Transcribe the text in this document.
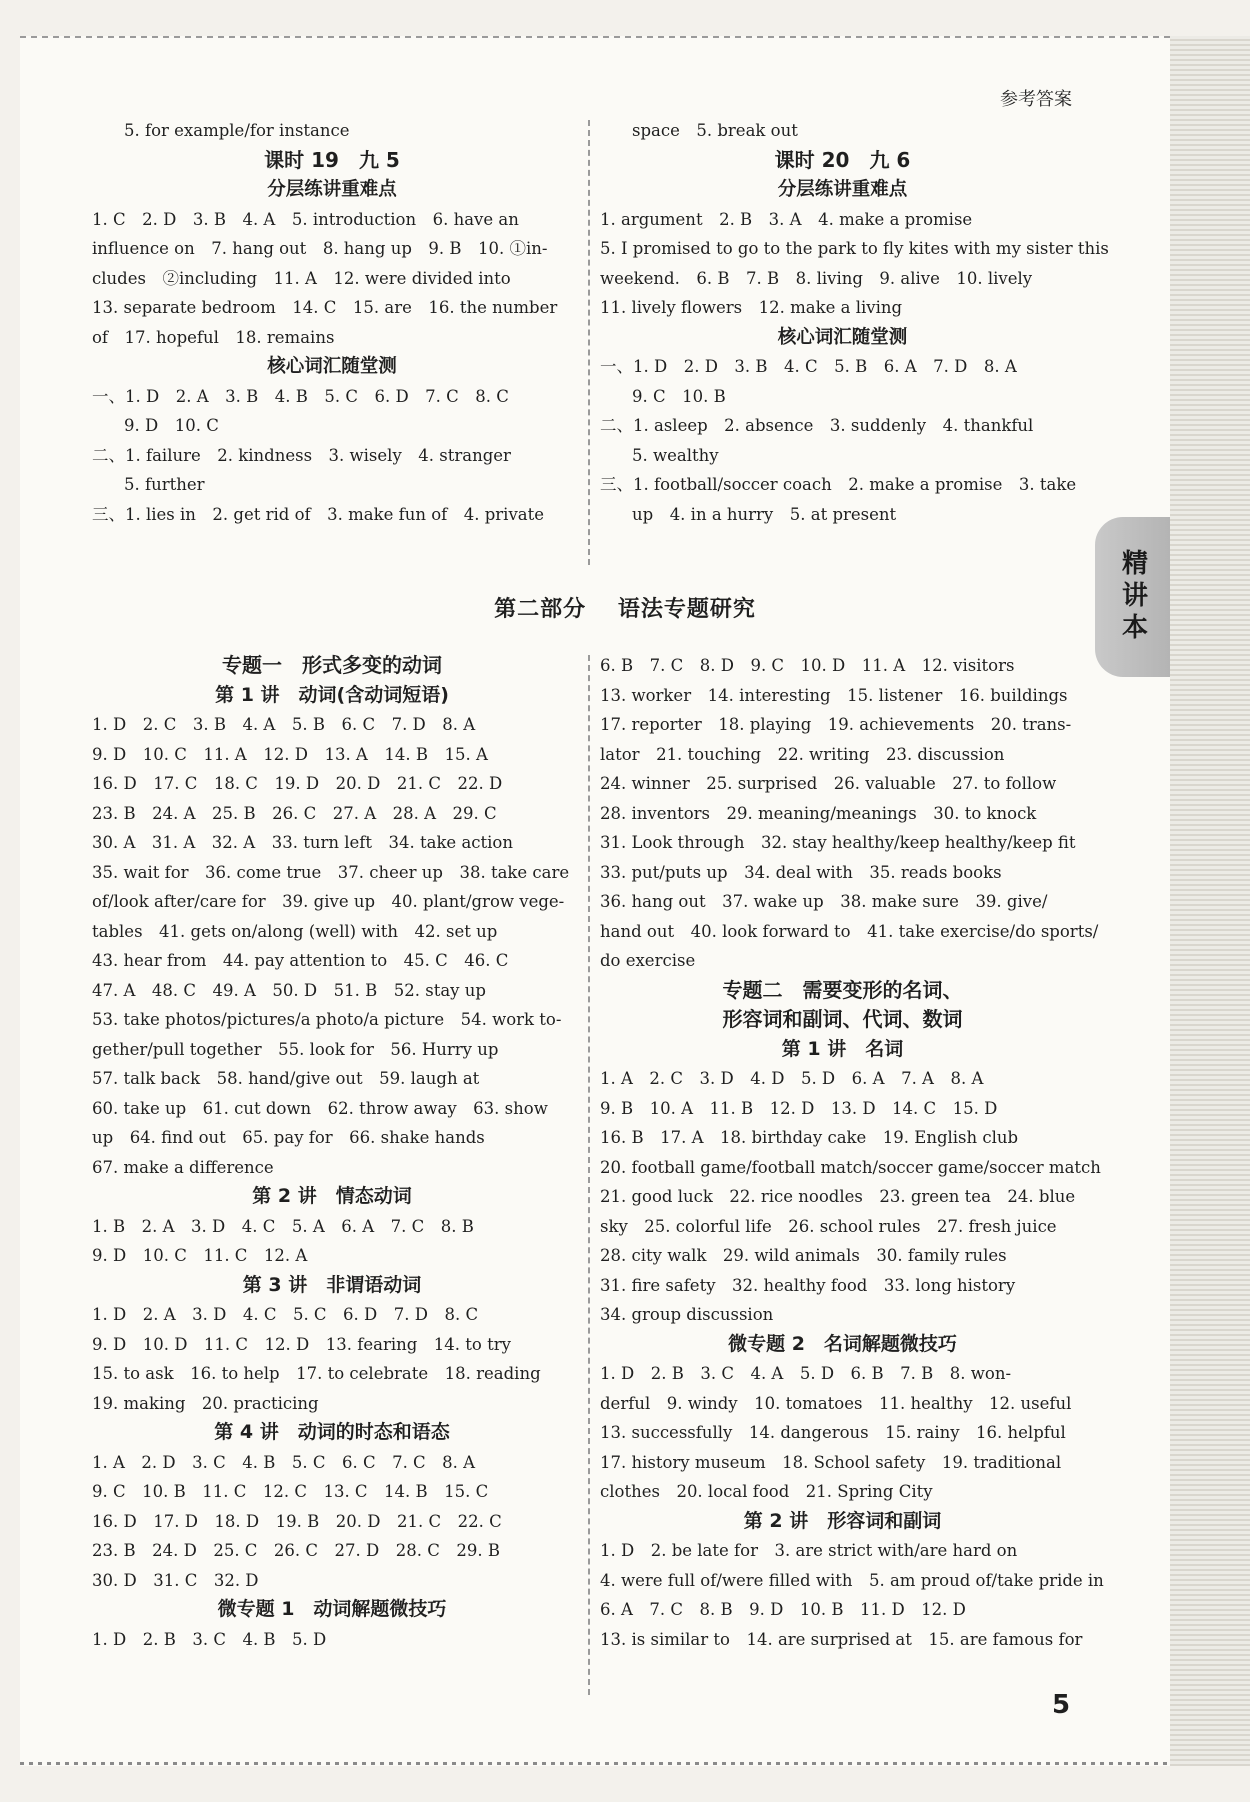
参考答案
精讲本
5. for example/for instance
课时 19　九 5
分层练讲重难点
1. C　2. D　3. B　4. A　5. introduction　6. have an
influence on　7. hang out　8. hang up　9. B　10. ①in-
cludes　②including　11. A　12. were divided into
13. separate bedroom　14. C　15. are　16. the number
of　17. hopeful　18. remains
核心词汇随堂测
一、1. D　2. A　3. B　4. B　5. C　6. D　7. C　8. C
9. D　10. C
二、1. failure　2. kindness　3. wisely　4. stranger
5. further
三、1. lies in　2. get rid of　3. make fun of　4. private
space　5. break out
课时 20　九 6
分层练讲重难点
1. argument　2. B　3. A　4. make a promise
5. I promised to go to the park to fly kites with my sister this
weekend.　6. B　7. B　8. living　9. alive　10. lively
11. lively flowers　12. make a living
核心词汇随堂测
一、1. D　2. D　3. B　4. C　5. B　6. A　7. D　8. A
9. C　10. B
二、1. asleep　2. absence　3. suddenly　4. thankful
5. wealthy
三、1. football/soccer coach　2. make a promise　3. take
up　4. in a hurry　5. at present
第二部分　 语法专题研究
专题一　形式多变的动词
第 1 讲　动词(含动词短语)
1. D　2. C　3. B　4. A　5. B　6. C　7. D　8. A
9. D　10. C　11. A　12. D　13. A　14. B　15. A
16. D　17. C　18. C　19. D　20. D　21. C　22. D
23. B　24. A　25. B　26. C　27. A　28. A　29. C
30. A　31. A　32. A　33. turn left　34. take action
35. wait for　36. come true　37. cheer up　38. take care
of/look after/care for　39. give up　40. plant/grow vege-
tables　41. gets on/along (well) with　42. set up
43. hear from　44. pay attention to　45. C　46. C
47. A　48. C　49. A　50. D　51. B　52. stay up
53. take photos/pictures/a photo/a picture　54. work to-
gether/pull together　55. look for　56. Hurry up
57. talk back　58. hand/give out　59. laugh at
60. take up　61. cut down　62. throw away　63. show
up　64. find out　65. pay for　66. shake hands
67. make a difference
第 2 讲　情态动词
1. B　2. A　3. D　4. C　5. A　6. A　7. C　8. B
9. D　10. C　11. C　12. A
第 3 讲　非谓语动词
1. D　2. A　3. D　4. C　5. C　6. D　7. D　8. C
9. D　10. D　11. C　12. D　13. fearing　14. to try
15. to ask　16. to help　17. to celebrate　18. reading
19. making　20. practicing
第 4 讲　动词的时态和语态
1. A　2. D　3. C　4. B　5. C　6. C　7. C　8. A
9. C　10. B　11. C　12. C　13. C　14. B　15. C
16. D　17. D　18. D　19. B　20. D　21. C　22. C
23. B　24. D　25. C　26. C　27. D　28. C　29. B
30. D　31. C　32. D
微专题 1　动词解题微技巧
1. D　2. B　3. C　4. B　5. D
6. B　7. C　8. D　9. C　10. D　11. A　12. visitors
13. worker　14. interesting　15. listener　16. buildings
17. reporter　18. playing　19. achievements　20. trans-
lator　21. touching　22. writing　23. discussion
24. winner　25. surprised　26. valuable　27. to follow
28. inventors　29. meaning/meanings　30. to knock
31. Look through　32. stay healthy/keep healthy/keep fit
33. put/puts up　34. deal with　35. reads books
36. hang out　37. wake up　38. make sure　39. give/
hand out　40. look forward to　41. take exercise/do sports/
do exercise
专题二　需要变形的名词、
形容词和副词、代词、数词
第 1 讲　名词
1. A　2. C　3. D　4. D　5. D　6. A　7. A　8. A
9. B　10. A　11. B　12. D　13. D　14. C　15. D
16. B　17. A　18. birthday cake　19. English club
20. football game/football match/soccer game/soccer match
21. good luck　22. rice noodles　23. green tea　24. blue
sky　25. colorful life　26. school rules　27. fresh juice
28. city walk　29. wild animals　30. family rules
31. fire safety　32. healthy food　33. long history
34. group discussion
微专题 2　名词解题微技巧
1. D　2. B　3. C　4. A　5. D　6. B　7. B　8. won-
derful　9. windy　10. tomatoes　11. healthy　12. useful
13. successfully　14. dangerous　15. rainy　16. helpful
17. history museum　18. School safety　19. traditional
clothes　20. local food　21. Spring City
第 2 讲　形容词和副词
1. D　2. be late for　3. are strict with/are hard on
4. were full of/were filled with　5. am proud of/take pride in
6. A　7. C　8. B　9. D　10. B　11. D　12. D
13. is similar to　14. are surprised at　15. are famous for
5
